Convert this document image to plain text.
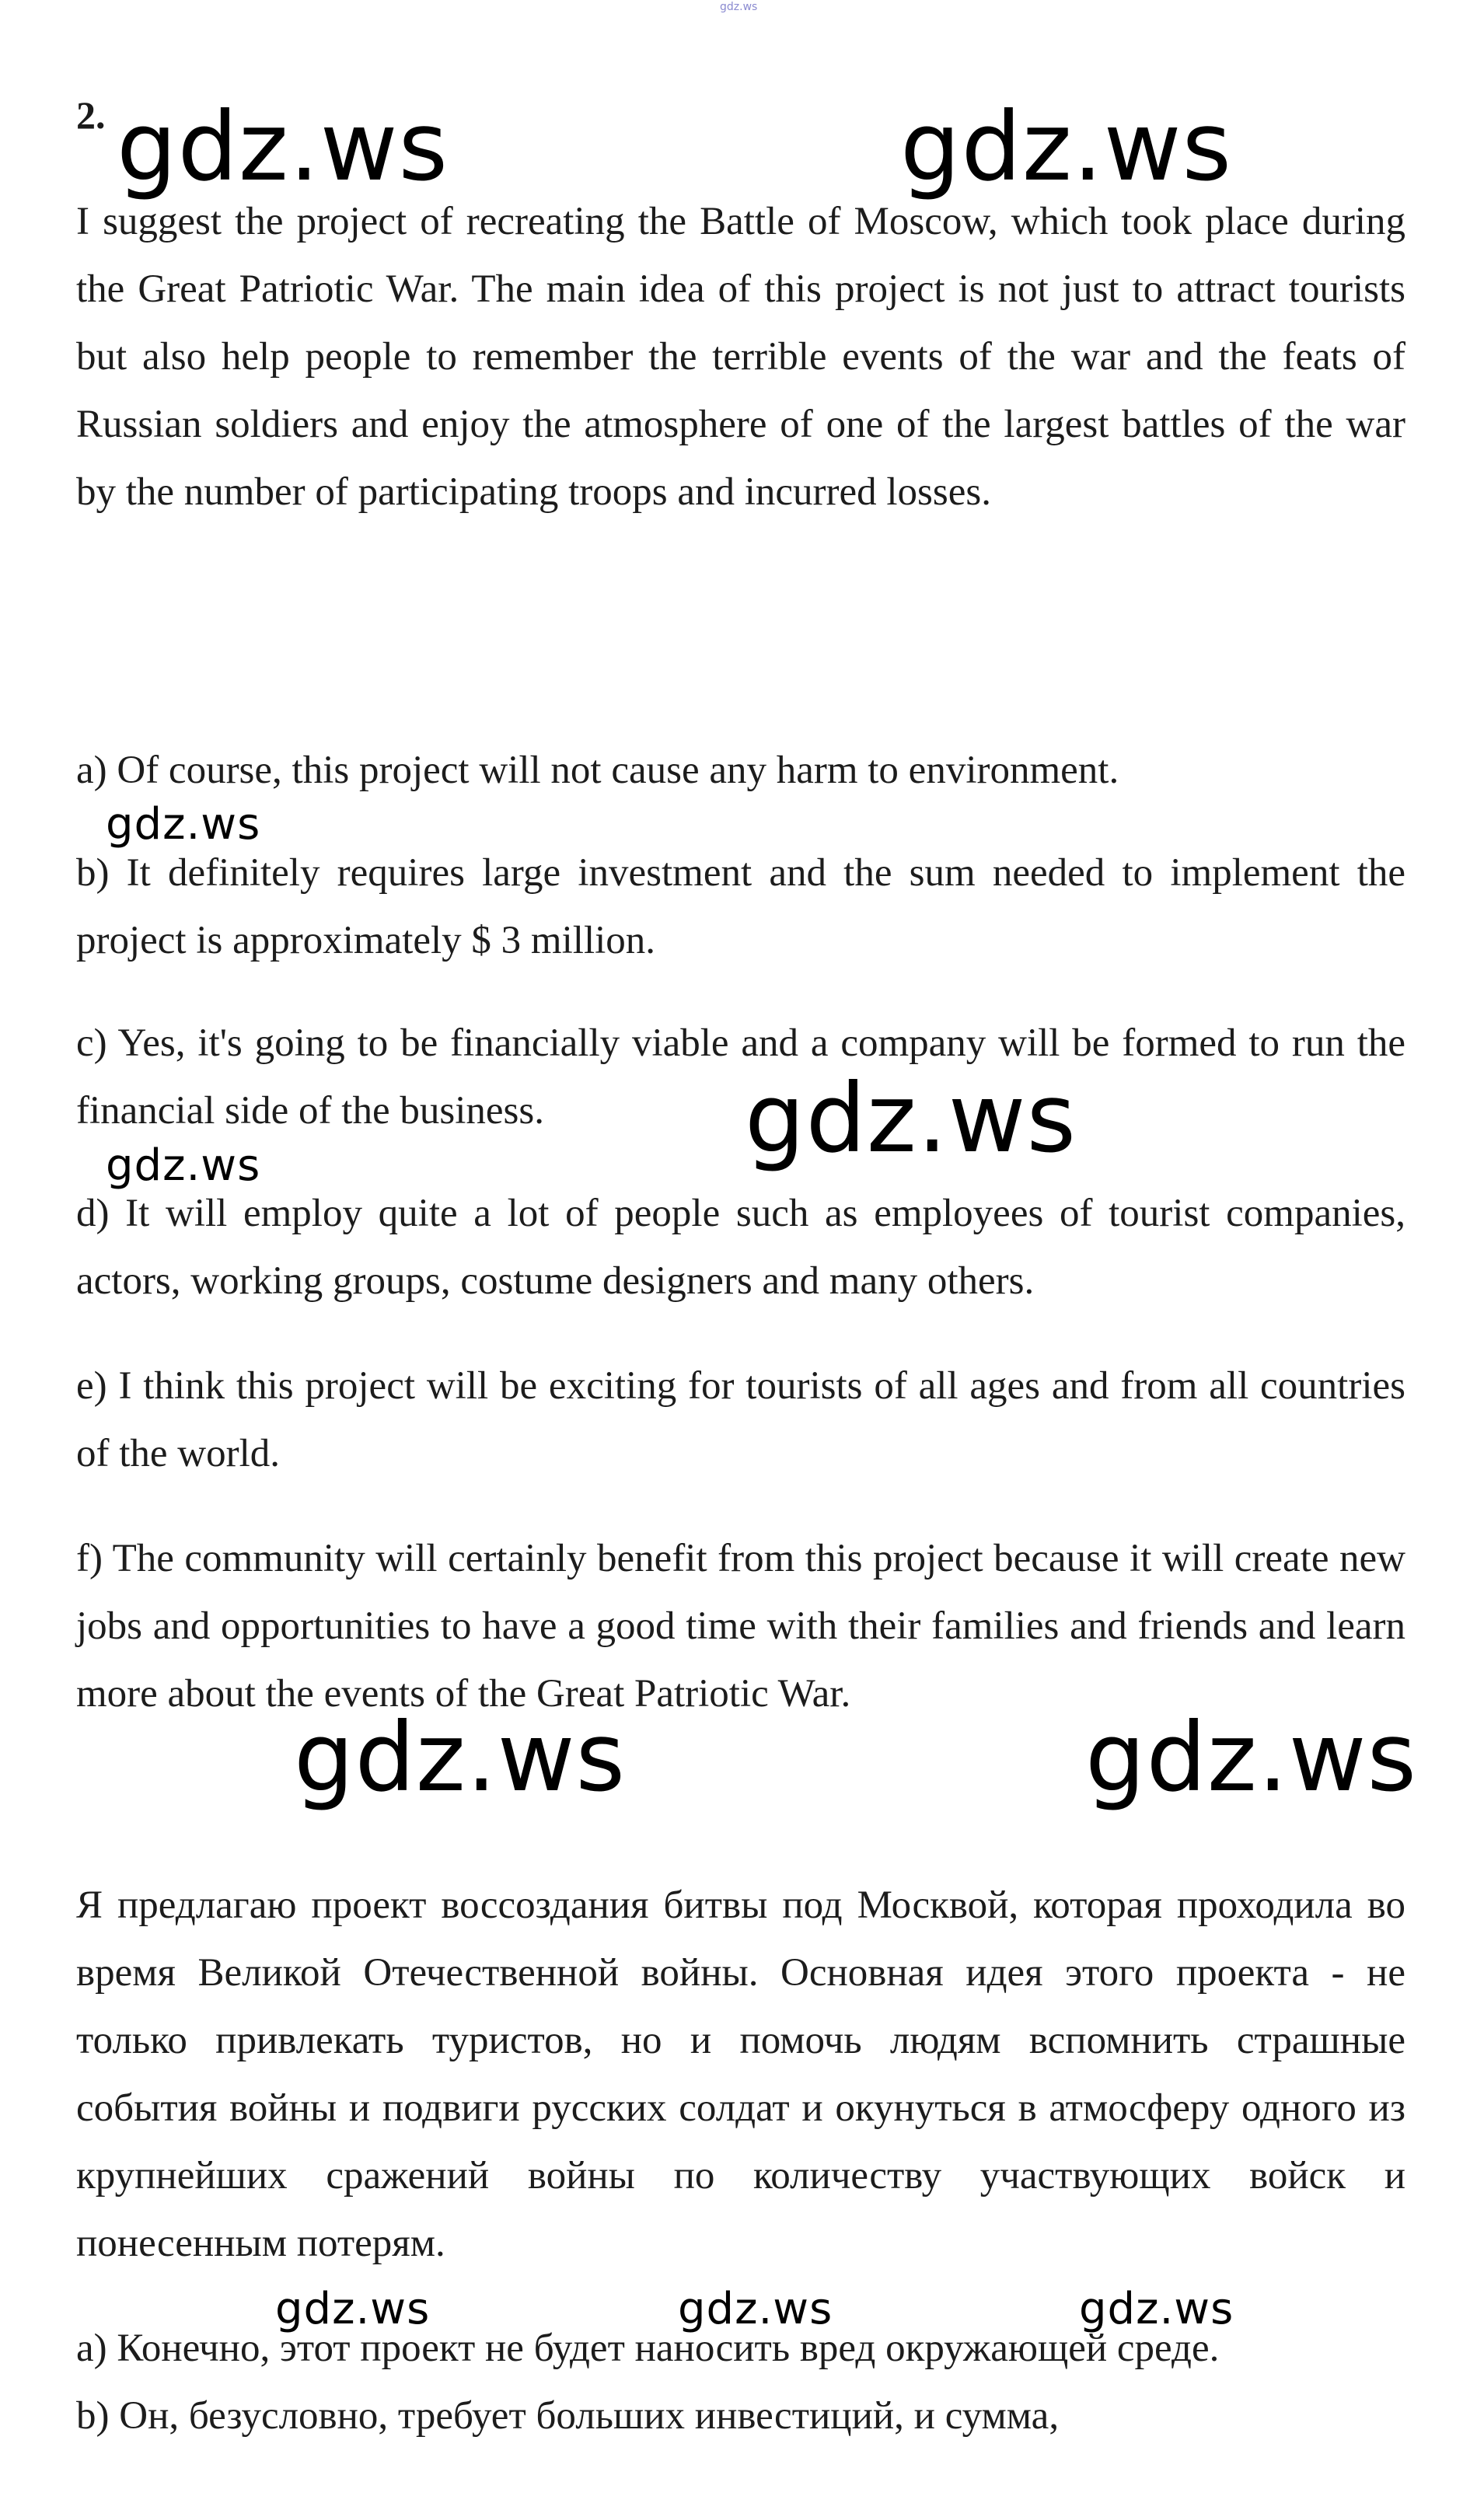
gdz.ws
2. gdz.ws	gdz.ws

I suggest the project of recreating the Battle of Moscow, which took place during the Great Patriotic War. The main idea of this project is not just to attract tourists but also help people to remember the terrible events of the war and the feats of Russian soldiers and enjoy the atmosphere of one of the largest battles of the war by the number of participating troops and incurred losses.

a) Of course, this project will not cause any harm to environment.

gdz.ws

b) It definitely requires large investment and the sum needed to implement the project is approximately $ 3 million.

c) Yes, it's going to be financially viable and a company will be formed to run the financial side of the business.	gdz.ws
gdz.ws

d) It will employ quite a lot of people such as employees of tourist companies, actors, working groups, costume designers and many others.

e) I think this project will be exciting for tourists of all ages and from all countries of the world.

f) The community will certainly benefit from this project because it will create new jobs and opportunities to have a good time with their families and friends and learn more about the events of the Great Patriotic War.

gdz.ws	gdz.ws

Я предлагаю проект воссоздания битвы под Москвой, которая проходила во время Великой Отечественной войны. Основная идея этого проекта - не только привлекать туристов, но и помочь людям вспомнить страшные события войны и подвиги русских солдат и окунуться в атмосферу одного из крупнейших сражений войны по количеству участвующих войск и понесенным потерям.

gdz.ws	gdz.ws	gdz.ws

a) Конечно, этот проект не будет наносить вред окружающей среде.

b) Он, безусловно, требует больших инвестиций, и сумма,
